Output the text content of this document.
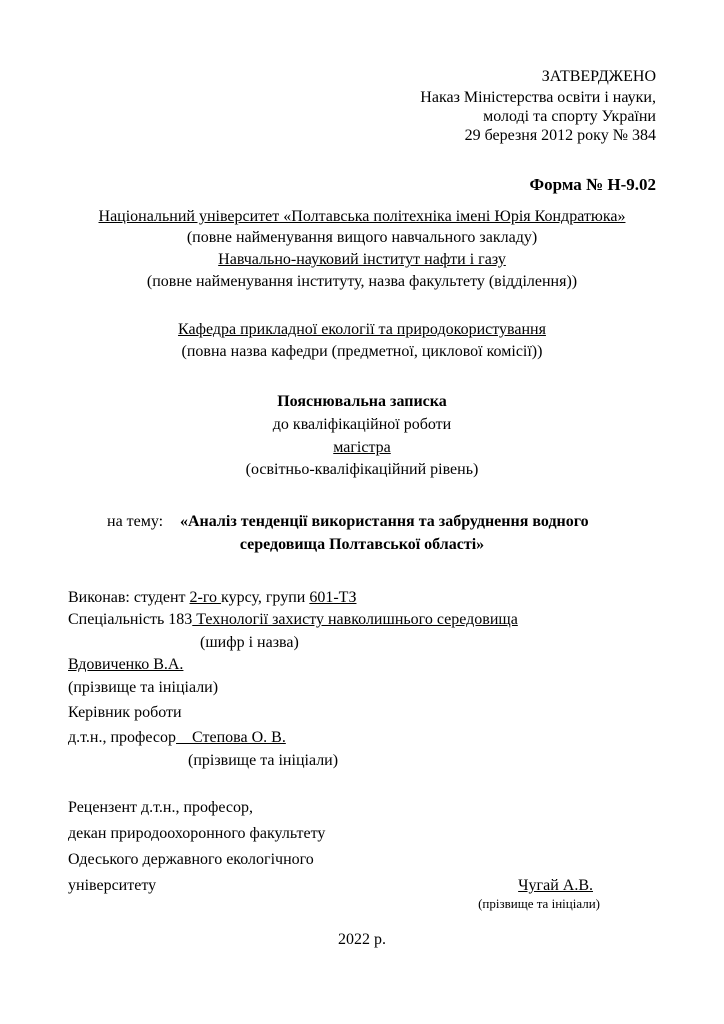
ЗАТВЕРДЖЕНО
Наказ Міністерства освіти і науки,
молоді та спорту України
29 березня 2012 року № 384
Форма № Н-9.02
Національний університет «Полтавська політехніка імені Юрія Кондратюка»
(повне найменування вищого навчального закладу)
Навчально-науковий інститут нафти і газу
(повне найменування інституту, назва факультету (відділення))
Кафедра прикладної екології та природокористування
(повна назва кафедри (предметної, циклової комісії))
Пояснювальна записка
до кваліфікаційної роботи
магістра
(освітньо-кваліфікаційний рівень)
на тему: «Аналіз тенденції використання та забруднення водного
середовища Полтавської області»
Виконав: студент 2-го курсу, групи 601-ТЗ
Спеціальність 183 Технології захисту навколишнього середовища
(шифр і назва)
Вдовиченко В.А.
(прізвище та ініціали)
Керівник роботи
д.т.н., професор    Степова О. В.
(прізвище та ініціали)
Рецензент д.т.н., професор,
декан природоохоронного факультету
Одеського державного екологічного
університету	Чугай А.В.
(прізвище та ініціали)
2022 р.
